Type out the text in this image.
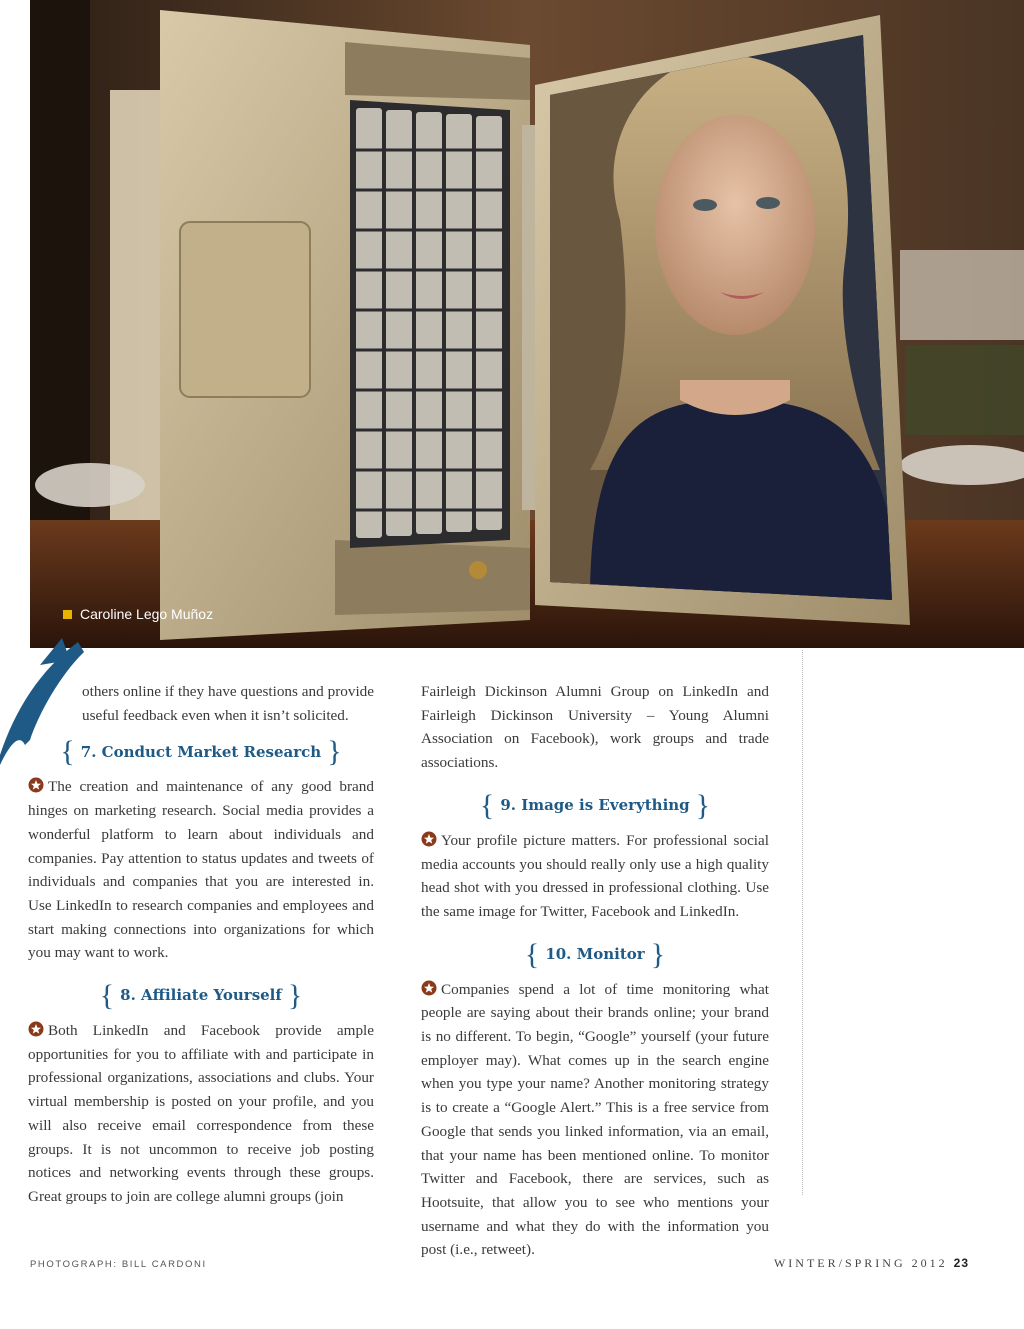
Caroline Lego Muñoz

others online if they have questions and provide useful feedback even when it isn’t solicited.

{ 7. Conduct Market Research }

The creation and maintenance of any good brand hinges on marketing research. Social media provides a wonderful platform to learn about individuals and companies. Pay attention to status updates and tweets of individuals and companies that you are interested in. Use LinkedIn to research companies and employees and start making connections into organizations for which you may want to work.

{ 8. Affiliate Yourself }

Both LinkedIn and Facebook provide ample opportunities for you to affiliate with and participate in professional organizations, associations and clubs. Your virtual membership is posted on your profile, and you will also receive email correspondence from these groups. It is not uncommon to receive job posting notices and networking events through these groups. Great groups to join are college alumni groups (join

Fairleigh Dickinson Alumni Group on LinkedIn and Fairleigh Dickinson University – Young Alumni Association on Facebook), work groups and trade associations.

{ 9. Image is Everything }

Your profile picture matters. For professional social media accounts you should really only use a high quality head shot with you dressed in professional clothing. Use the same image for Twitter, Facebook and LinkedIn.

{ 10. Monitor }

Companies spend a lot of time monitoring what people are saying about their brands online; your brand is no different. To begin, “Google” yourself (your future employer may). What comes up in the search engine when you type your name? Another monitoring strategy is to create a “Google Alert.” This is a free service from Google that sends you linked information, via an email, that your name has been mentioned online. To monitor Twitter and Facebook, there are services, such as Hootsuite, that allow you to see who mentions your username and what they do with the information you post (i.e., retweet).

PHOTOGRAPH: BILL CARDONI	WINTER/SPRING 2012 23
